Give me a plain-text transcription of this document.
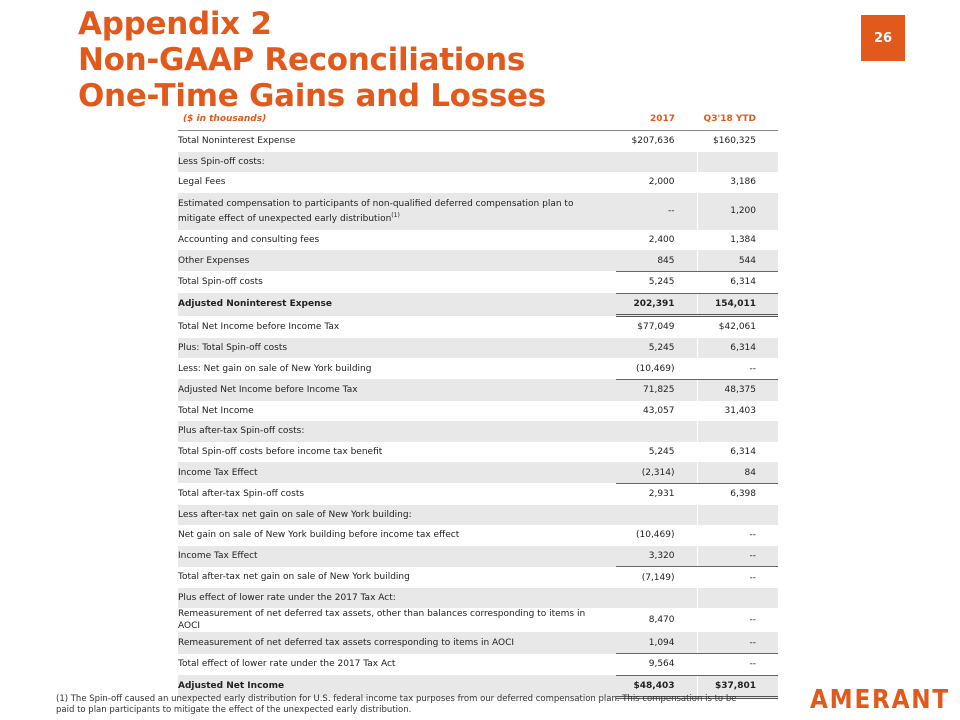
Appendix 2
Non-GAAP Reconciliations
One-Time Gains and Losses
26
($ in thousands)	2017	Q3'18 YTD
Total Noninterest Expense	$207,636	$160,325
Less Spin-off costs:		
Legal Fees	2,000	3,186
Estimated compensation to participants of non-qualified deferred compensation plan to mitigate effect of unexpected early distribution$^{(1)}$	--	1,200
Accounting and consulting fees	2,400	1,384
Other Expenses	845	544
Total Spin-off costs	5,245	6,314
Adjusted Noninterest Expense	202,391	154,011
Total Net Income before Income Tax	$77,049	$42,061
Plus: Total Spin-off costs	5,245	6,314
Less: Net gain on sale of New York building	(10,469)	--
Adjusted Net Income before Income Tax	71,825	48,375
Total Net Income	43,057	31,403
Plus after-tax Spin-off costs:		
Total Spin-off costs before income tax benefit	5,245	6,314
Income Tax Effect	(2,314)	84
Total after-tax Spin-off costs	2,931	6,398
Less after-tax net gain on sale of New York building:		
Net gain on sale of New York building before income tax effect	(10,469)	--
Income Tax Effect	3,320	--
Total after-tax net gain on sale of New York building	(7,149)	--
Plus effect of lower rate under the 2017 Tax Act:		
Remeasurement of net deferred tax assets, other than balances corresponding to items in AOCI	8,470	--
Remeasurement of net deferred tax assets corresponding to items in AOCI	1,094	--
Total effect of lower rate under the 2017 Tax Act	9,564	--
Adjusted Net Income	$48,403	$37,801
(1) The Spin-off caused an unexpected early distribution for U.S. federal income tax purposes from our deferred compensation plan. This compensation is to be paid to plan participants to mitigate the effect of the unexpected early distribution.	AMERANT
